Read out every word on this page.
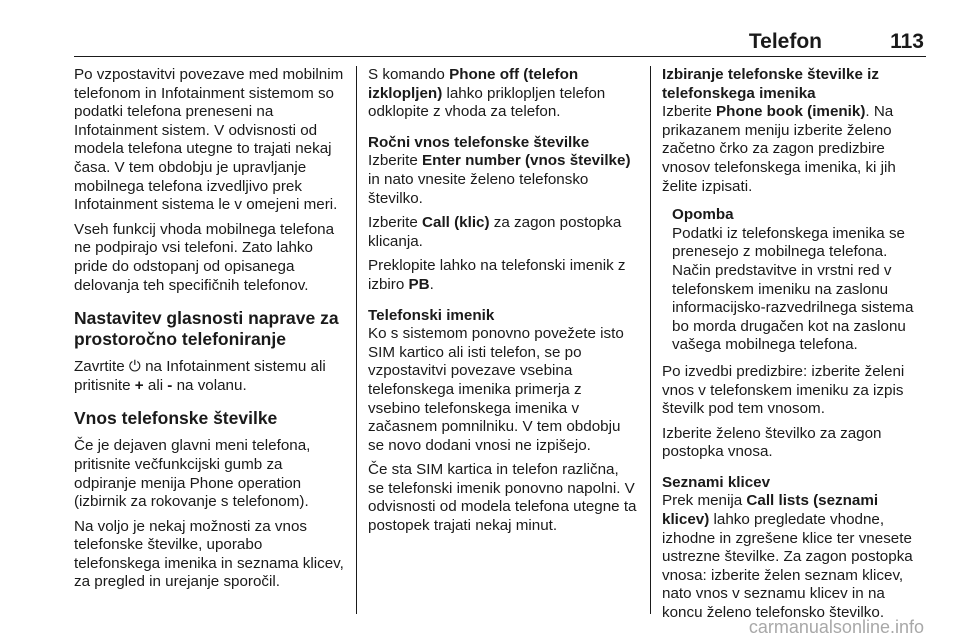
Telefon	113

Po vzpostavitvi povezave med mobilnim telefonom in Infotainment sistemom so podatki telefona preneseni na Infotainment sistem. V odvisnosti od modela telefona utegne to trajati nekaj časa. V tem obdobju je upravljanje mobilnega telefona izvedljivo prek Infotainment sistema le v omejeni meri.

Vseh funkcij vhoda mobilnega telefona ne podpirajo vsi telefoni. Zato lahko pride do odstopanj od opisanega delovanja teh specifičnih telefonov.

Nastavitev glasnosti naprave za prostoročno telefoniranje

Zavrtite ⏻ na Infotainment sistemu ali pritisnite + ali - na volanu.

Vnos telefonske številke

Če je dejaven glavni meni telefona, pritisnite večfunkcijski gumb za odpiranje menija Phone operation (izbirnik za rokovanje s telefonom).

Na voljo je nekaj možnosti za vnos telefonske številke, uporabo telefonskega imenika in seznama klicev, za pregled in urejanje sporočil.

S komando Phone off (telefon izklopljen) lahko priklopljen telefon odklopite z vhoda za telefon.

Ročni vnos telefonske številke

Izberite Enter number (vnos številke) in nato vnesite želeno telefonsko številko.

Izberite Call (klic) za zagon postopka klicanja.

Preklopite lahko na telefonski imenik z izbiro PB.

Telefonski imenik

Ko s sistemom ponovno povežete isto SIM kartico ali isti telefon, se po vzpostavitvi povezave vsebina telefonskega imenika primerja z vsebino telefonskega imenika v začasnem pomnilniku. V tem obdobju se novo dodani vnosi ne izpišejo.

Če sta SIM kartica in telefon različna, se telefonski imenik ponovno napolni. V odvisnosti od modela telefona utegne ta postopek trajati nekaj minut.

Izbiranje telefonske številke iz telefonskega imenika

Izberite Phone book (imenik). Na prikazanem meniju izberite želeno začetno črko za zagon predizbire vnosov telefonskega imenika, ki jih želite izpisati.

Opomba
Podatki iz telefonskega imenika se prenesejo z mobilnega telefona. Način predstavitve in vrstni red v telefonskem imeniku na zaslonu informacijsko-razvedrilnega sistema bo morda drugačen kot na zaslonu vašega mobilnega telefona.

Po izvedbi predizbire: izberite želeni vnos v telefonskem imeniku za izpis številk pod tem vnosom.

Izberite želeno številko za zagon postopka vnosa.

Seznami klicev

Prek menija Call lists (seznami klicev) lahko pregledate vhodne, izhodne in zgrešene klice ter vnesete ustrezne številke. Za zagon postopka vnosa: izberite želen seznam klicev, nato vnos v seznamu klicev in na koncu želeno telefonsko številko.

carmanualsonline.info
